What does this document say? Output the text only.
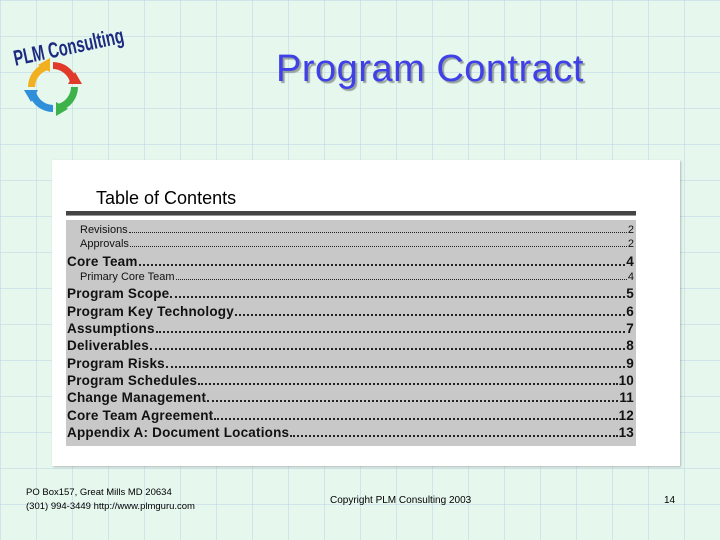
PLM Consulting	Program Contract
Table of Contents
Revisions	2
Approvals	2
Core Team	4
Primary Core Team	4
Program Scope	5
Program Key Technology	6
Assumptions	7
Deliverables	8
Program Risks	9
Program Schedules	10
Change Management	11
Core Team Agreement	12
Appendix A: Document Locations	13
PO Box157, Great Mills MD 20634
(301) 994-3449 http://www.plmguru.com
Copyright PLM Consulting 2003	14
